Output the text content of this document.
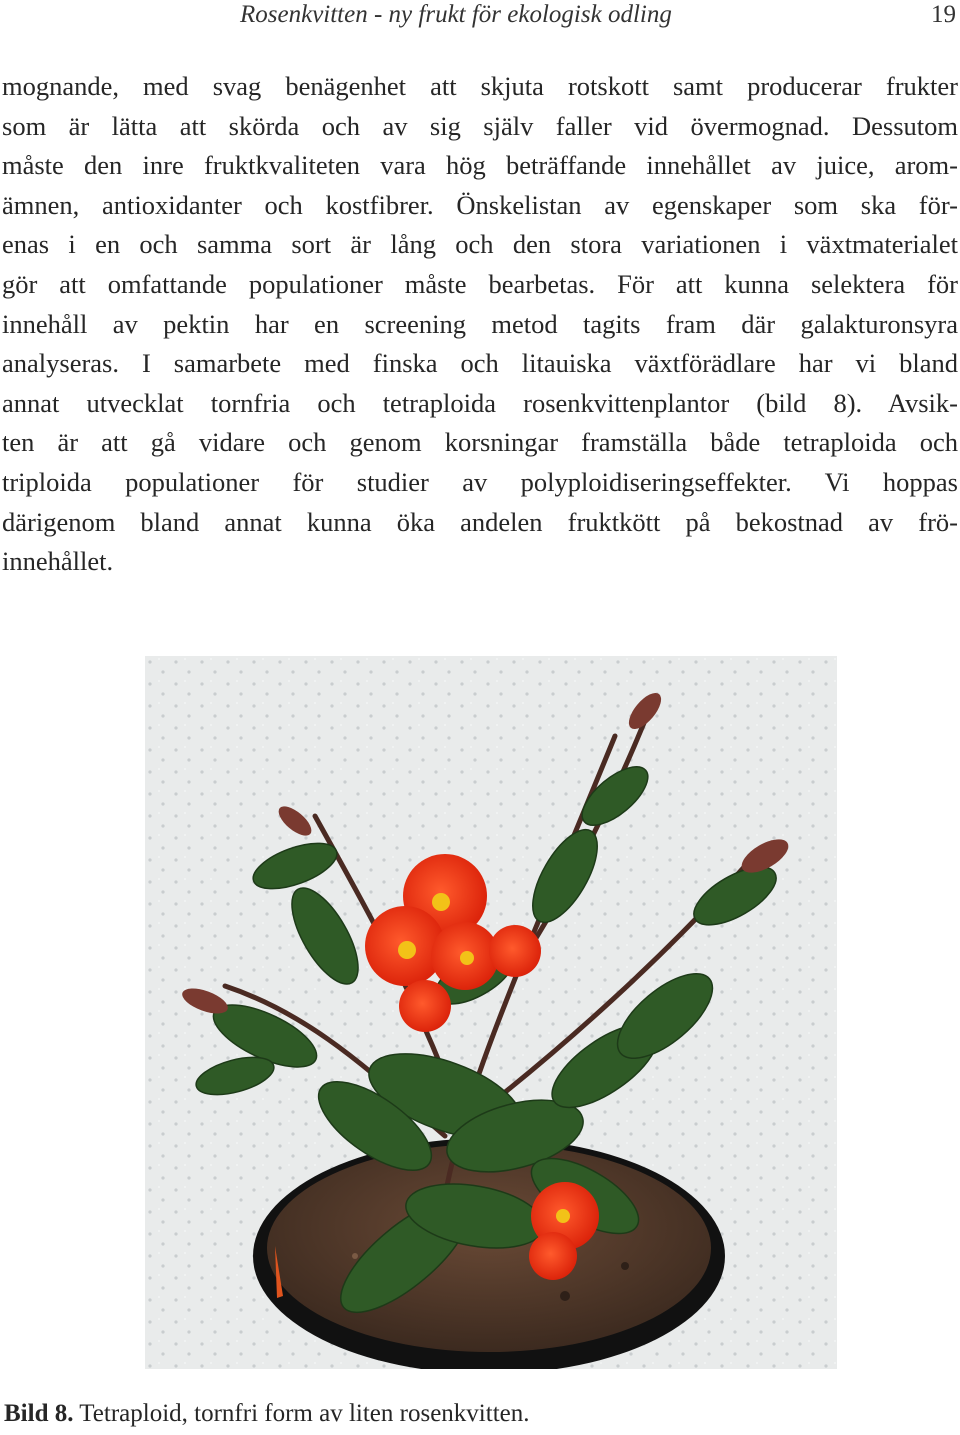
Rosenkvitten - ny frukt för ekologisk odling	19
mognande, med svag benägenhet att skjuta rotskott samt producerar frukter
som är lätta att skörda och av sig själv faller vid övermognad. Dessutom
måste den inre fruktkvaliteten vara hög beträffande innehållet av juice, arom-
ämnen, antioxidanter och kostfibrer. Önskelistan av egenskaper som ska för-
enas i en och samma sort är lång och den stora variationen i växtmaterialet
gör att omfattande populationer måste bearbetas. För att kunna selektera för
innehåll av pektin har en screening metod tagits fram där galakturonsyra
analyseras. I samarbete med finska och litauiska växtförädlare har vi bland
annat utvecklat tornfria och tetraploida rosenkvittenplantor (bild 8). Avsik-
ten är att gå vidare och genom korsningar framställa både tetraploida och
triploida populationer för studier av polyploidiseringseffekter. Vi hoppas
därigenom bland annat kunna öka andelen fruktkött på bekostnad av frö-
innehållet.
Bild 8. Tetraploid, tornfri form av liten rosenkvitten.
